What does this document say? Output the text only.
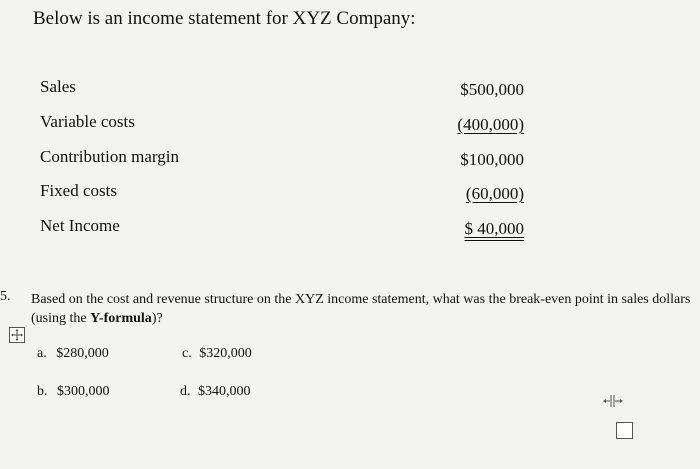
Below is an income statement for XYZ Company:
Sales	$500,000
Variable costs	(400,000)
Contribution margin	$100,000
Fixed costs	(60,000)
Net Income	$ 40,000
5. Based on the cost and revenue structure on the XYZ income statement, what was the break-even point in sales dollars (using the Y-formula)?
a. $280,000	c. $320,000
b. $300,000	d. $340,000
